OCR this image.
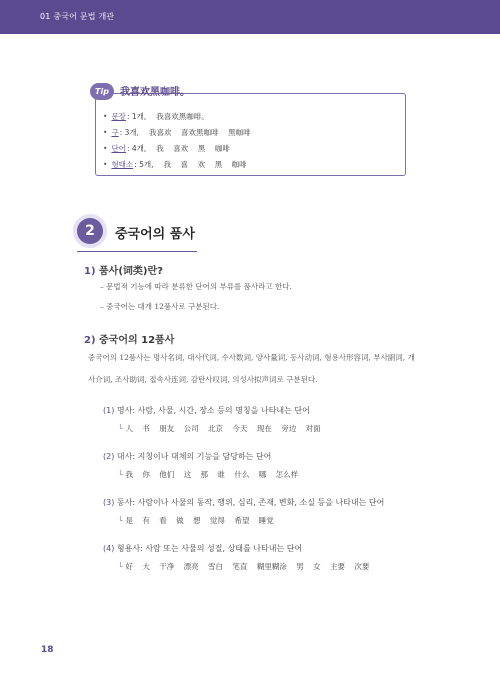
01 중국어 문법 개관
Tip	我喜欢黑咖啡。
• 문장: 1개, 我喜欢黑咖啡。
• 구: 3개, 我喜欢    喜欢黑咖啡    黑咖啡
• 단어: 4개, 我    喜欢    黑    咖啡
• 형태소: 5개, 我    喜    欢    黑    咖啡
2	중국어의 품사
1) 품사(词类)란?
– 문법적 기능에 따라 분류한 단어의 부류를 품사라고 한다.
– 중국어는 대개 12품사로 구분된다.
2) 중국어의 12품사
중국어의 12품사는 명사名词, 대사代词, 수사数词, 양사量词, 동사动词, 형용사形容词, 부사副词, 개사介词, 조사助词, 접속사连词, 감탄사叹词, 의성사拟声词로 구분된다.
(1) 명사: 사람, 사물, 시간, 장소 등의 명칭을 나타내는 단어
└ 人 书 朋友 公司 北京 今天 现在 旁边 对面
(2) 대사: 지칭이나 대체의 기능을 담당하는 단어
└ 我 你 他们 这 那 谁 什么 哪 怎么样
(3) 동사: 사람이나 사물의 동작, 행위, 심리, 존재, 변화, 소실 등을 나타내는 단어
└ 是 有 看 做 想 觉得 希望 睡觉
(4) 형용사: 사람 또는 사물의 성질, 상태를 나타내는 단어
└ 好 大 干净 漂亮 雪白 笔直 糊里糊涂 男 女 主要 次要
18
